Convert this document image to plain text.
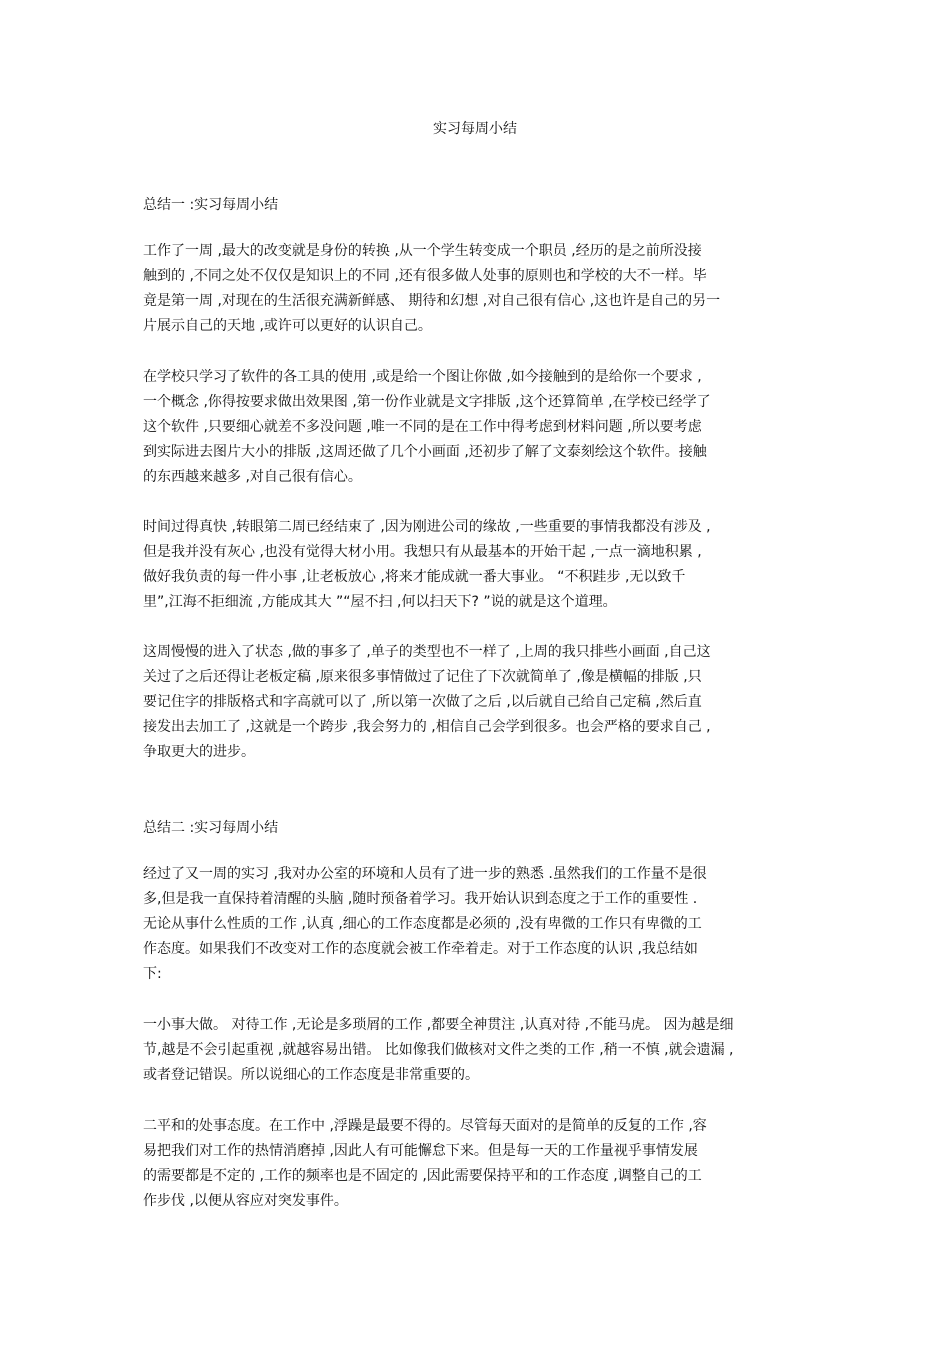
实习每周小结
总结一 :实习每周小结
工作了一周 ,最大的改变就是身份的转换 ,从一个学生转变成一个职员 ,经历的是之前所没接
触到的 ,不同之处不仅仅是知识上的不同 ,还有很多做人处事的原则也和学校的大不一样。毕
竟是第一周 ,对现在的生活很充满新鲜感、 期待和幻想 ,对自己很有信心 ,这也许是自己的另一
片展示自己的天地 ,或许可以更好的认识自己。
在学校只学习了软件的各工具的使用 ,或是给一个图让你做 ,如今接触到的是给你一个要求 ,
一个概念 ,你得按要求做出效果图 ,第一份作业就是文字排版 ,这个还算简单 ,在学校已经学了
这个软件 ,只要细心就差不多没问题 ,唯一不同的是在工作中得考虑到材料问题 ,所以要考虑
到实际进去图片大小的排版 ,这周还做了几个小画面 ,还初步了解了文泰刻绘这个软件。接触
的东西越来越多 ,对自己很有信心。
时间过得真快 ,转眼第二周已经结束了 ,因为刚进公司的缘故 ,一些重要的事情我都没有涉及 ,
但是我并没有灰心 ,也没有觉得大材小用。我想只有从最基本的开始干起 ,一点一滴地积累 ,
做好我负责的每一件小事 ,让老板放心 ,将来才能成就一番大事业。 “不积跬步 ,无以致千
里”,江海不拒细流 ,方能成其大 ”“屋不扫 ,何以扫天下? ”说的就是这个道理。
这周慢慢的进入了状态 ,做的事多了 ,单子的类型也不一样了 ,上周的我只排些小画面 ,自己这
关过了之后还得让老板定稿 ,原来很多事情做过了记住了下次就简单了 ,像是横幅的排版 ,只
要记住字的排版格式和字高就可以了 ,所以第一次做了之后 ,以后就自己给自己定稿 ,然后直
接发出去加工了 ,这就是一个跨步 ,我会努力的 ,相信自己会学到很多。也会严格的要求自己 ,
争取更大的进步。
总结二 :实习每周小结
经过了又一周的实习 ,我对办公室的环境和人员有了进一步的熟悉 .虽然我们的工作量不是很
多,但是我一直保持着清醒的头脑 ,随时预备着学习。我开始认识到态度之于工作的重要性 .
无论从事什么性质的工作 ,认真 ,细心的工作态度都是必须的 ,没有卑微的工作只有卑微的工
作态度。如果我们不改变对工作的态度就会被工作牵着走。对于工作态度的认识 ,我总结如
下:
一小事大做。 对待工作 ,无论是多琐屑的工作 ,都要全神贯注 ,认真对待 ,不能马虎。 因为越是细
节,越是不会引起重视 ,就越容易出错。 比如像我们做核对文件之类的工作 ,稍一不慎 ,就会遗漏 ,
或者登记错误。所以说细心的工作态度是非常重要的。
二平和的处事态度。在工作中 ,浮躁是最要不得的。尽管每天面对的是简单的反复的工作 ,容
易把我们对工作的热情消磨掉 ,因此人有可能懈怠下来。但是每一天的工作量视乎事情发展
的需要都是不定的 ,工作的频率也是不固定的 ,因此需要保持平和的工作态度 ,调整自己的工
作步伐 ,以便从容应对突发事件。
